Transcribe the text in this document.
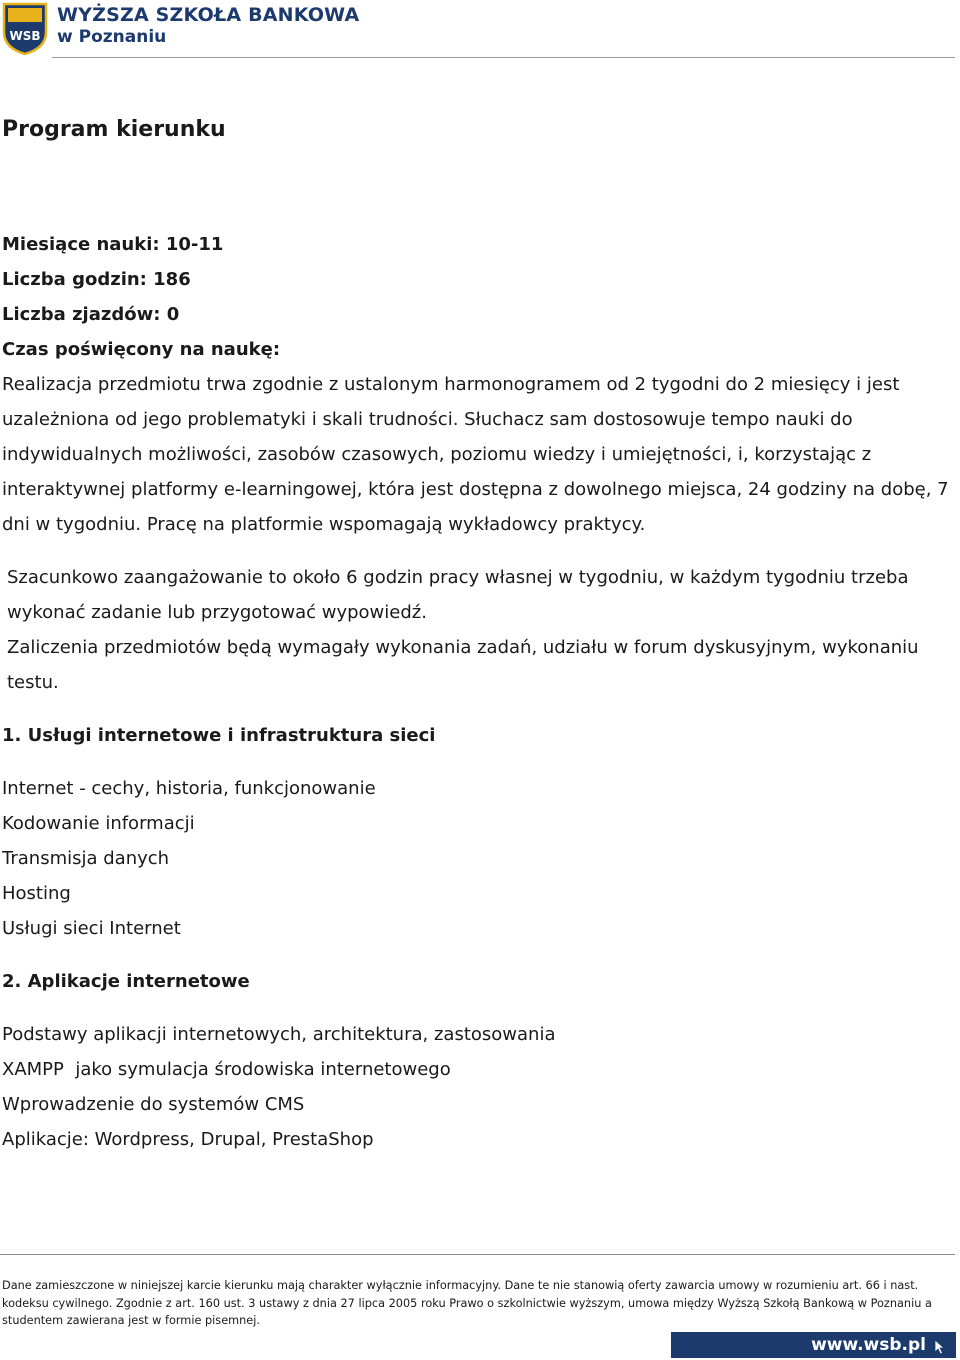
WSB
WYŻSZA SZKOŁA BANKOWA
w Poznaniu
Program kierunku

Miesiące nauki: 10-11

Liczba godzin: 186

Liczba zjazdów: 0

Czas poświęcony na naukę:

Realizacja przedmiotu trwa zgodnie z ustalonym harmonogramem od 2 tygodni do 2 miesięcy i jest uzależniona od jego problematyki i skali trudności. Słuchacz sam dostosowuje tempo nauki do indywidualnych możliwości, zasobów czasowych, poziomu wiedzy i umiejętności, i, korzystając z interaktywnej platformy e-learningowej, która jest dostępna z dowolnego miejsca, 24 godziny na dobę, 7 dni w tygodniu. Pracę na platformie wspomagają wykładowcy praktycy.

Szacunkowo zaangażowanie to około 6 godzin pracy własnej w tygodniu, w każdym tygodniu trzeba wykonać zadanie lub przygotować wypowiedź.

Zaliczenia przedmiotów będą wymagały wykonania zadań, udziału w forum dyskusyjnym, wykonaniu testu.

1. Usługi internetowe i infrastruktura sieci

Internet - cechy, historia, funkcjonowanie

Kodowanie informacji

Transmisja danych

Hosting

Usługi sieci Internet

2. Aplikacje internetowe

Podstawy aplikacji internetowych, architektura, zastosowania

XAMPP  jako symulacja środowiska internetowego

Wprowadzenie do systemów CMS

Aplikacje: Wordpress, Drupal, PrestaShop

Dane zamieszczone w niniejszej karcie kierunku mają charakter wyłącznie informacyjny. Dane te nie stanowią oferty zawarcia umowy w rozumieniu art. 66 i nast. kodeksu cywilnego. Zgodnie z art. 160 ust. 3 ustawy z dnia 27 lipca 2005 roku Prawo o szkolnictwie wyższym, umowa między Wyższą Szkołą Bankową w Poznaniu a studentem zawierana jest w formie pisemnej.

www.wsb.pl
